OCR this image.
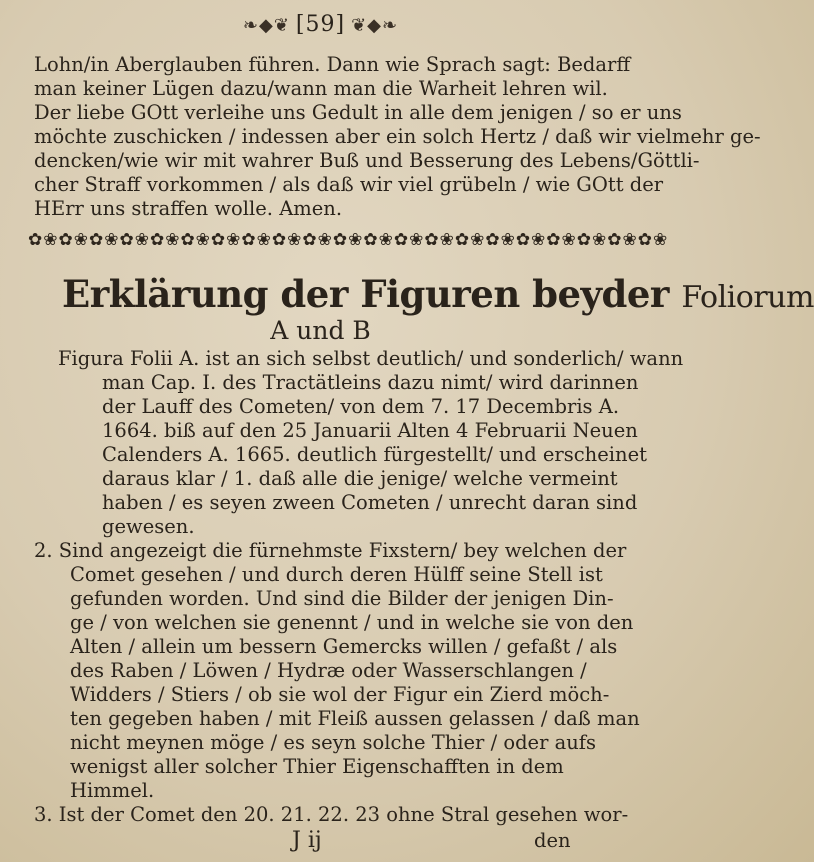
❧◆❦ [59] ❦◆❧
Lohn/in Aberglauben führen. Dann wie Sprach sagt: Bedarff
man keiner Lügen dazu/wann man die Warheit lehren wil.
Der liebe GOtt verleihe uns Gedult in alle dem jenigen / so er uns
möchte zuschicken / indessen aber ein solch Hertz / daß wir vielmehr ge-
dencken/wie wir mit wahrer Buß und Besserung des Lebens/Göttli-
cher Straff vorkommen / als daß wir viel grübeln / wie GOtt der
HErr uns straffen wolle. Amen.
✿❀✿❀✿❀✿❀✿❀✿❀✿❀✿❀✿❀✿❀✿❀✿❀✿❀✿❀✿❀✿❀✿❀✿❀✿❀✿❀✿❀
Erklärung der Figuren beyder Foliorum
A und B
Figura Folii A. ist an sich selbst deutlich/ und sonderlich/ wann
man Cap. I. des Tractätleins dazu nimt/ wird darinnen
der Lauff des Cometen/ von dem 7. 17 Decembris A.
1664. biß auf den 25 Januarii Alten 4 Februarii Neuen
Calenders A. 1665. deutlich fürgestellt/ und erscheinet
daraus klar / 1. daß alle die jenige/ welche vermeint
haben / es seyen zween Cometen / unrecht daran sind
gewesen.
2. Sind angezeigt die fürnehmste Fixstern/ bey welchen der
Comet gesehen / und durch deren Hülff seine Stell ist
gefunden worden. Und sind die Bilder der jenigen Din-
ge / von welchen sie genennt / und in welche sie von den
Alten / allein um bessern Gemercks willen / gefaßt / als
des Raben / Löwen / Hydræ oder Wasserschlangen /
Widders / Stiers / ob sie wol der Figur ein Zierd möch-
ten gegeben haben / mit Fleiß aussen gelassen / daß man
nicht meynen möge / es seyn solche Thier / oder aufs
wenigst aller solcher Thier Eigenschafften in dem
Himmel.
3. Ist der Comet den 20. 21. 22. 23 ohne Stral gesehen wor-
J ij	den
